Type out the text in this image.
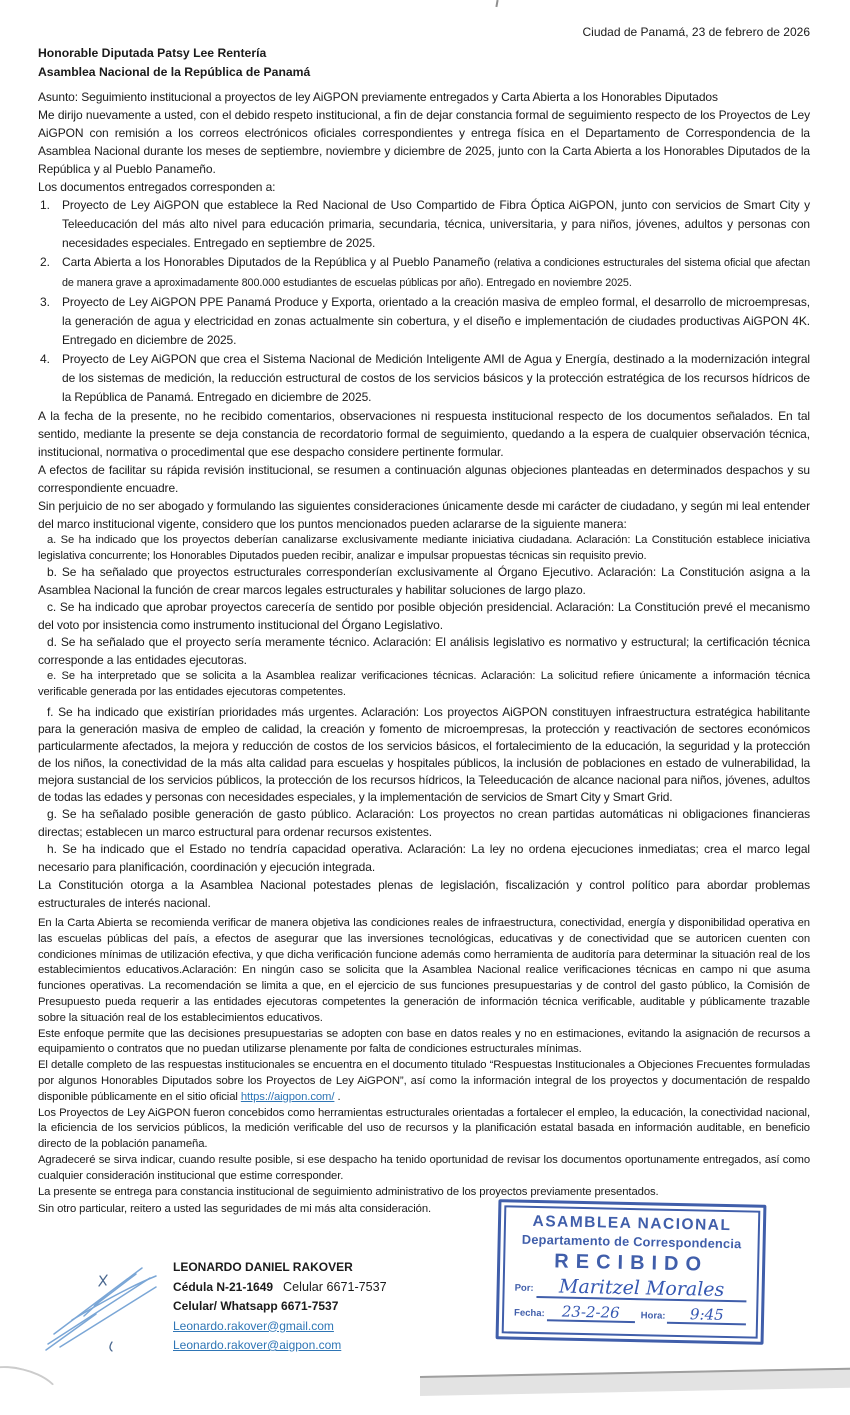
Ciudad de Panamá, 23 de febrero de 2026

Honorable Diputada Patsy Lee Rentería

Asamblea Nacional de la República de Panamá

Asunto: Seguimiento institucional a proyectos de ley AiGPON previamente entregados y Carta Abierta a los Honorables Diputados

Me dirijo nuevamente a usted, con el debido respeto institucional, a fin de dejar constancia formal de seguimiento respecto de los Proyectos de Ley AiGPON con remisión a los correos electrónicos oficiales correspondientes y entrega física en el Departamento de Correspondencia de la Asamblea Nacional durante los meses de septiembre, noviembre y diciembre de 2025, junto con la Carta Abierta a los Honorables Diputados de la República y al Pueblo Panameño.

Los documentos entregados corresponden a:

1. Proyecto de Ley AiGPON que establece la Red Nacional de Uso Compartido de Fibra Óptica AiGPON, junto con servicios de Smart City y Teleeducación del más alto nivel para educación primaria, secundaria, técnica, universitaria, y para niños, jóvenes, adultos y personas con necesidades especiales. Entregado en septiembre de 2025.
2. Carta Abierta a los Honorables Diputados de la República y al Pueblo Panameño (relativa a condiciones estructurales del sistema oficial que afectan de manera grave a aproximadamente 800.000 estudiantes de escuelas públicas por año). Entregado en noviembre 2025.
3. Proyecto de Ley AiGPON PPE Panamá Produce y Exporta, orientado a la creación masiva de empleo formal, el desarrollo de microempresas, la generación de agua y electricidad en zonas actualmente sin cobertura, y el diseño e implementación de ciudades productivas AiGPON 4K. Entregado en diciembre de 2025.
4. Proyecto de Ley AiGPON que crea el Sistema Nacional de Medición Inteligente AMI de Agua y Energía, destinado a la modernización integral de los sistemas de medición, la reducción estructural de costos de los servicios básicos y la protección estratégica de los recursos hídricos de la República de Panamá. Entregado en diciembre de 2025.

A la fecha de la presente, no he recibido comentarios, observaciones ni respuesta institucional respecto de los documentos señalados. En tal sentido, mediante la presente se deja constancia de recordatorio formal de seguimiento, quedando a la espera de cualquier observación técnica, institucional, normativa o procedimental que ese despacho considere pertinente formular.

A efectos de facilitar su rápida revisión institucional, se resumen a continuación algunas objeciones planteadas en determinados despachos y su correspondiente encuadre.

Sin perjuicio de no ser abogado y formulando las siguientes consideraciones únicamente desde mi carácter de ciudadano, y según mi leal entender del marco institucional vigente, considero que los puntos mencionados pueden aclararse de la siguiente manera:

a. Se ha indicado que los proyectos deberían canalizarse exclusivamente mediante iniciativa ciudadana. Aclaración: La Constitución establece iniciativa legislativa concurrente; los Honorables Diputados pueden recibir, analizar e impulsar propuestas técnicas sin requisito previo.

b. Se ha señalado que proyectos estructurales corresponderían exclusivamente al Órgano Ejecutivo. Aclaración: La Constitución asigna a la Asamblea Nacional la función de crear marcos legales estructurales y habilitar soluciones de largo plazo.

c. Se ha indicado que aprobar proyectos carecería de sentido por posible objeción presidencial. Aclaración: La Constitución prevé el mecanismo del voto por insistencia como instrumento institucional del Órgano Legislativo.

d. Se ha señalado que el proyecto sería meramente técnico. Aclaración: El análisis legislativo es normativo y estructural; la certificación técnica corresponde a las entidades ejecutoras.

e. Se ha interpretado que se solicita a la Asamblea realizar verificaciones técnicas. Aclaración: La solicitud refiere únicamente a información técnica verificable generada por las entidades ejecutoras competentes.

f. Se ha indicado que existirían prioridades más urgentes. Aclaración: Los proyectos AiGPON constituyen infraestructura estratégica habilitante para la generación masiva de empleo de calidad, la creación y fomento de microempresas, la protección y reactivación de sectores económicos particularmente afectados, la mejora y reducción de costos de los servicios básicos, el fortalecimiento de la educación, la seguridad y la protección de los niños, la conectividad de la más alta calidad para escuelas y hospitales públicos, la inclusión de poblaciones en estado de vulnerabilidad, la mejora sustancial de los servicios públicos, la protección de los recursos hídricos, la Teleeducación de alcance nacional para niños, jóvenes, adultos de todas las edades y personas con necesidades especiales, y la implementación de servicios de Smart City y Smart Grid.

g. Se ha señalado posible generación de gasto público. Aclaración: Los proyectos no crean partidas automáticas ni obligaciones financieras directas; establecen un marco estructural para ordenar recursos existentes.

h. Se ha indicado que el Estado no tendría capacidad operativa. Aclaración: La ley no ordena ejecuciones inmediatas; crea el marco legal necesario para planificación, coordinación y ejecución integrada.

La Constitución otorga a la Asamblea Nacional potestades plenas de legislación, fiscalización y control político para abordar problemas estructurales de interés nacional.

En la Carta Abierta se recomienda verificar de manera objetiva las condiciones reales de infraestructura, conectividad, energía y disponibilidad operativa en las escuelas públicas del país, a efectos de asegurar que las inversiones tecnológicas, educativas y de conectividad que se autoricen cuenten con condiciones mínimas de utilización efectiva, y que dicha verificación funcione además como herramienta de auditoría para determinar la situación real de los establecimientos educativos.Aclaración: En ningún caso se solicita que la Asamblea Nacional realice verificaciones técnicas en campo ni que asuma funciones operativas. La recomendación se limita a que, en el ejercicio de sus funciones presupuestarias y de control del gasto público, la Comisión de Presupuesto pueda requerir a las entidades ejecutoras competentes la generación de información técnica verificable, auditable y públicamente trazable sobre la situación real de los establecimientos educativos.

Este enfoque permite que las decisiones presupuestarias se adopten con base en datos reales y no en estimaciones, evitando la asignación de recursos a equipamiento o contratos que no puedan utilizarse plenamente por falta de condiciones estructurales mínimas.

El detalle completo de las respuestas institucionales se encuentra en el documento titulado “Respuestas Institucionales a Objeciones Frecuentes formuladas por algunos Honorables Diputados sobre los Proyectos de Ley AiGPON”, así como la información integral de los proyectos y documentación de respaldo disponible públicamente en el sitio oficial https://aigpon.com/ .

Los Proyectos de Ley AiGPON fueron concebidos como herramientas estructurales orientadas a fortalecer el empleo, la educación, la conectividad nacional, la eficiencia de los servicios públicos, la medición verificable del uso de recursos y la planificación estatal basada en información auditable, en beneficio directo de la población panameña.

Agradeceré se sirva indicar, cuando resulte posible, si ese despacho ha tenido oportunidad de revisar los documentos oportunamente entregados, así como cualquier consideración institucional que estime corresponder.

La presente se entrega para constancia institucional de seguimiento administrativo de los proyectos previamente presentados.

Sin otro particular, reitero a usted las seguridades de mi más alta consideración.

LEONARDO DANIEL RAKOVER

Cédula N-21-1649 Celular 6671-7537

Celular/ Whatsapp 6671-7537

Leonardo.rakover@gmail.com

Leonardo.rakover@aigpon.com

ASAMBLEA NACIONAL
Departamento de Correspondencia
RECIBIDO
Por:	Maritzel Morales
Fecha:	23-2-26	Hora:	9:45
